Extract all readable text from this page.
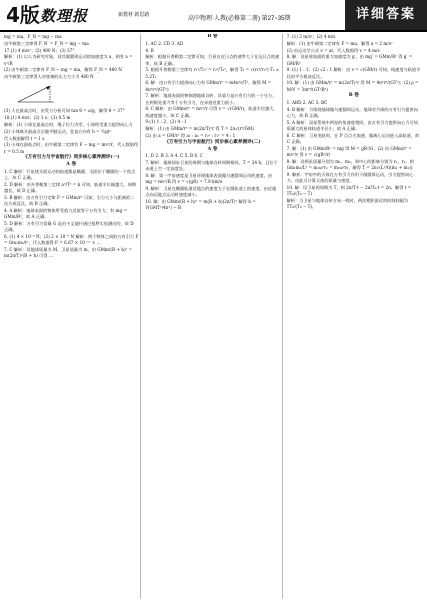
4版 数理报	新教材 新思路
高中物理·人教(必修第二册) 第27~35期	详细答案

mg = ma，F_N = mg − ma

由牛顿第三定律得 F_N′ = F_N = mg − ma

17.(1) 4 m/s²；(2) 480 N；(3) 37°

解析：(1) 以人为研究对象，设其做圆周运动的加速度为 a，则有 a = v²/R

(2) 由牛顿第二定律有 F_N − mg = ma，解得 F_N = 480 N

由牛顿第三定律得人对座椅的压力大小为 480 N

(3) 人在最高点时，由受力分析可知 tan θ = a/g，解得 θ = 37°

18.(1) 8 m/s；(2) 1 s；(3) 0.5 m

解析：(1) 小球在最高点时，绳子拉力为零，小球所受重力提供向心力

(2) 小球离开最高点后做平抛运动，竖直方向有 h = ½gt²

代入数据解得 t = 1 s

(3) 小球在最低点时，由牛顿第二定律有 F − mg = mv²/r，代入数据得 r = 0.5 m

《万有引力与宇宙航行》同步核心素养测评(一)

A 卷

1. C 解析：行星绕太阳运动的轨道都是椭圆，太阳位于椭圆的一个焦点上，故 C 正确。

2. D 解析：由开普勒第三定律 a³/T² = k 可知，轨道半长轴越大，周期越长，故 D 正确。

3. B 解析：由万有引力定律 F = GMm/r² 可知，引力大小与距离的二次方成反比，故 B 正确。

4. A 解析：地球表面的物体所受重力近似等于万有引力，有 mg = GMm/R²，故 A 正确。

5. D 解析：万有引力常量 G 是由卡文迪什通过扭秤实验测出的，故 D 正确。

6. (1) 4 × 10⁻⁸ N；(2) 2 × 10⁻⁹ N 解析：两个物体之间的万有引力 F = Gm₁m₂/r²，代入数据得 F = 6.67 × 10⁻¹¹ × …

7. C 解析：设地球质量为 M，卫星质量为 m，由 GMm/(R + h)² = m(2π/T)²(R + h) 可得 …

B 卷

1. AC 2. CD 3. AD

4. B

解析：根据开普勒第二定律可知，行星在近日点的速率大于在远日点的速率，故 B 正确。

5. 根据开普勒第三定律有 r₁³/T₁² = r₂³/T₂²，解得 T₂ = √(r₂³/r₁³)·T₁ ≈ 5.2T₁

6. 解：由万有引力提供向心力有 GMm/r² = m4π²r/T²，解得 M = 4π²r³/(GT²)

7. 解析：地球表面的物体随地球自转，其重力是万有引力的一个分力；在两极处重力等于万有引力，在赤道处重力最小。

8. C 解析：由 GMm/r² = mv²/r 可得 v = √(GM/r)，轨道半径越大，线速度越小，故 C 正确。

9.(1) 1 : 2；(2) 4 : 1

解析：(1) 由 GMm/r² = m(2π/T)²r 得 T = 2π√(r³/GM)

(2) 由 a = GM/r² 得 a₁ : a₂ = r₂² : r₁² = 4 : 1

《万有引力与宇宙航行》同步核心素养测评(二)

A 卷

1. D 2. B 3. A 4. C 5. B 6. C

7. 解析：地球同步卫星的周期与地球自转周期相同，T = 24 h，且位于赤道上空一定高度处。

8. 解：第一宇宙速度是卫星环绕地球表面做匀速圆周运动的速度，由 mg = mv²/R 得 v = √(gR) = 7.9 km/s

9. 解析：卫星在椭圆轨道近地点的速度大于在圆轨道上的速度，由近地点向远地点运动时速度减小。

10. 解：由 GMm/(R + h)² = m(R + h)(2π/T)² 解得 h = ∛(GMT²/4π²) − R

7. (1) 2 m/s²；(2) 4 m/s

解析：(1) 由牛顿第二定律有 F = ma，解得 a = 2 m/s²

(2) 由运动学公式 v = at，代入数据得 v = 4 m/s

8. 解：设星球表面的重力加速度为 g′，由 mg′ = GMm/R² 得 g′ = GM/R²

9. (1) 1 : 1；(2) √2 : 1 解析：由 v = √(GM/r) 可知，线速度与轨道半径的平方根成反比。

10. 解：(1) 由 GMm/r² = m(2π/T)²r 得 M = 4π²r³/(GT²)；(2) ρ = M/V = 3πr³/(GT²R³)

B 卷

1. ABD 2. AC 3. BC

4. B 解析：月球绕地球做匀速圆周运动，地球对月球的万有引力提供向心力，故 B 正确。

5. A 解析：双星系统中两星的角速度相同，由万有引力提供向心力可知质量大的星体轨道半径小，故 A 正确。

6. C 解析：卫星变轨时，在 P 点点火加速，做离心运动进入高轨道，故 C 正确。

7. 解：(1) 由 GMm/R² = mg 得 M = gR²/G；(2) 由 GMm/r² = mv²/r 得 v = √(gR²/r)

8. 解：设两星质量分别为 m₁、m₂，到中心的距离分别为 r₁、r₂，则 Gm₁m₂/L² = m₁ω²r₁ = m₂ω²r₂，解得 T = 2π√(L³/G(m₁ + m₂))

9. 解析：宇宙中的天体在万有引力作用下做圆周运动，引力提供向心力，由此可计算天体的质量与密度。

10. 解：设卫星的周期为 T，则 2π/T·t − 2π/T₀·t = 2π，解得 t = TT₀/(T₀ − T)

解析：当卫星与地球自转方向一致时，两次相距最近的时间间隔为 TT₀/(T₀ − T)。
